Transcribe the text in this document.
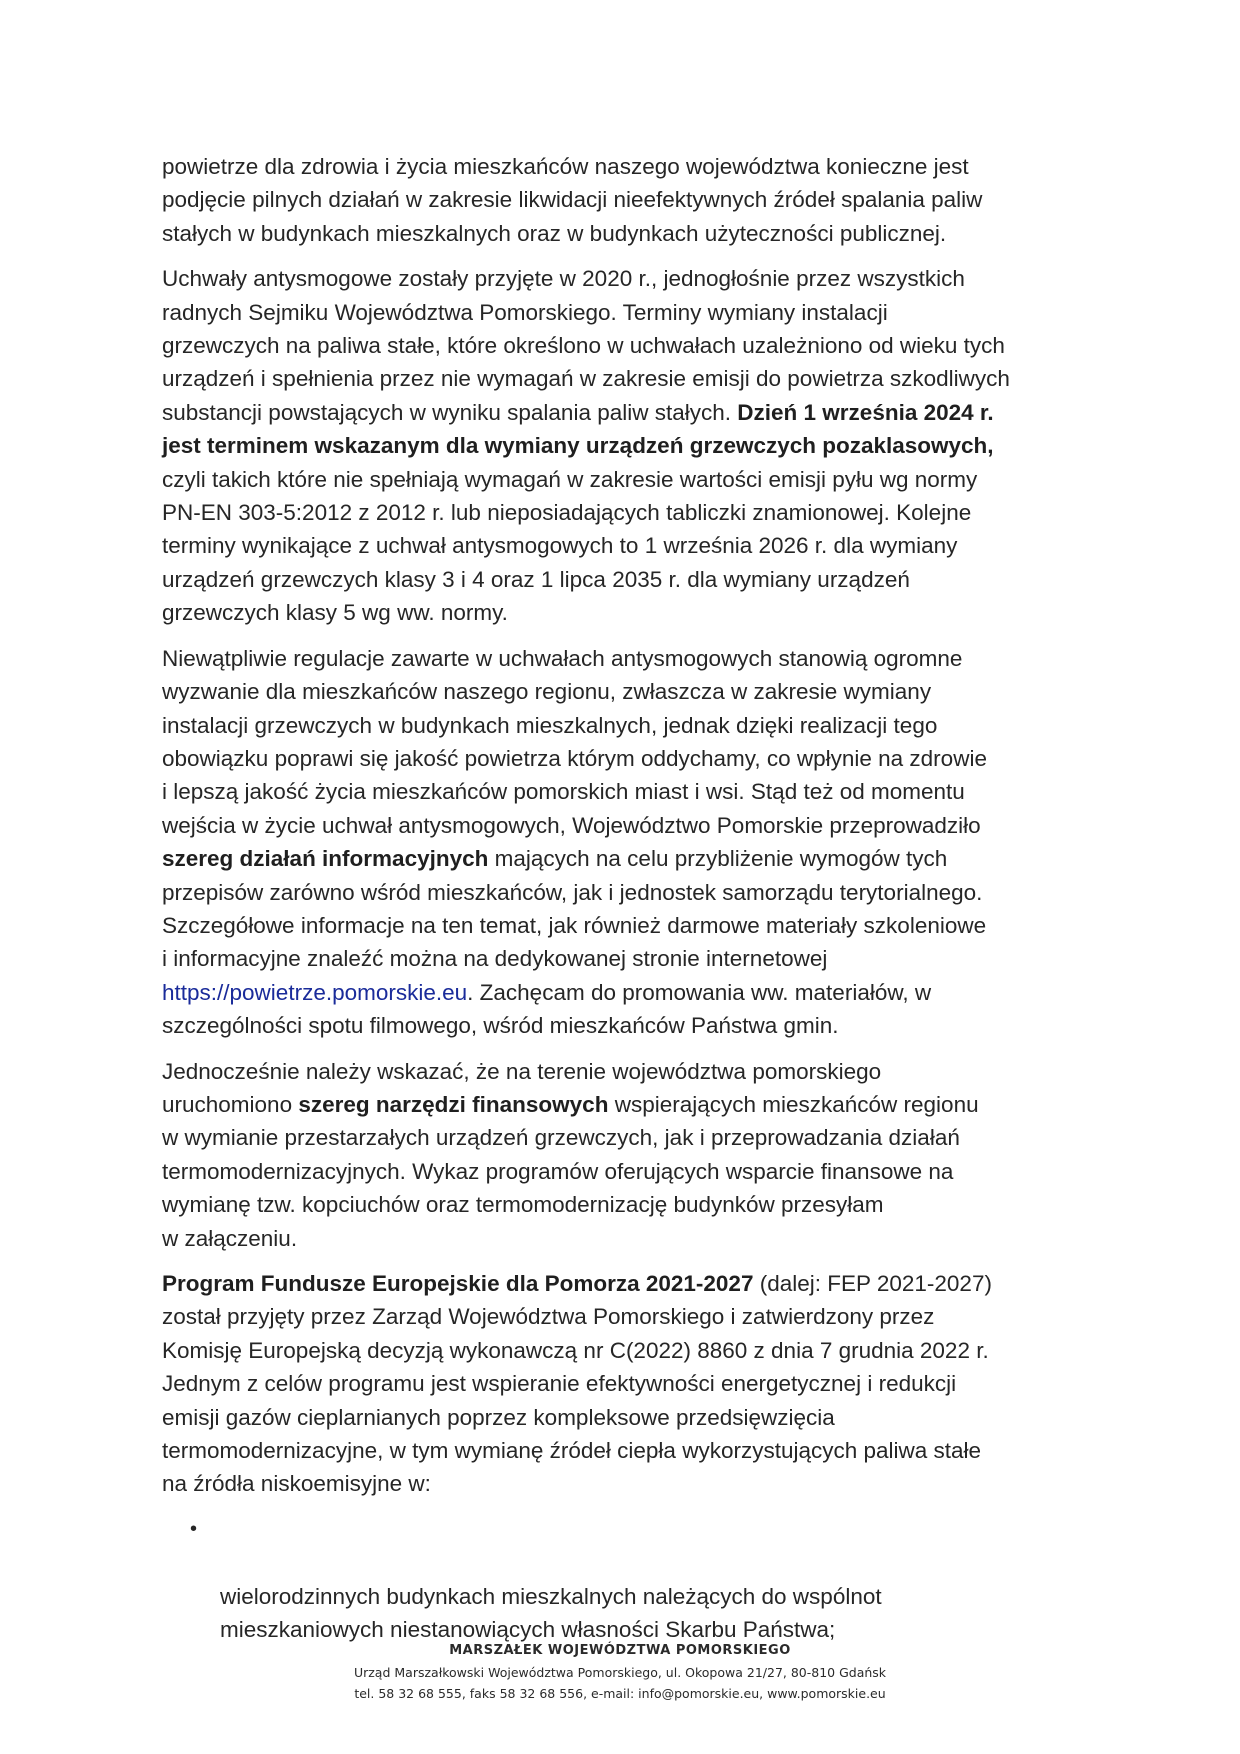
powietrze dla zdrowia i życia mieszkańców naszego województwa konieczne jest
podjęcie pilnych działań w zakresie likwidacji nieefektywnych źródeł spalania paliw
stałych w budynkach mieszkalnych oraz w budynkach użyteczności publicznej.

Uchwały antysmogowe zostały przyjęte w 2020 r., jednogłośnie przez wszystkich
radnych Sejmiku Województwa Pomorskiego. Terminy wymiany instalacji
grzewczych na paliwa stałe, które określono w uchwałach uzależniono od wieku tych
urządzeń i spełnienia przez nie wymagań w zakresie emisji do powietrza szkodliwych
substancji powstających w wyniku spalania paliw stałych. Dzień 1 września 2024 r.
jest terminem wskazanym dla wymiany urządzeń grzewczych pozaklasowych,
czyli takich które nie spełniają wymagań w zakresie wartości emisji pyłu wg normy
PN-EN 303-5:2012 z 2012 r. lub nieposiadających tabliczki znamionowej. Kolejne
terminy wynikające z uchwał antysmogowych to 1 września 2026 r. dla wymiany
urządzeń grzewczych klasy 3 i 4 oraz 1 lipca 2035 r. dla wymiany urządzeń
grzewczych klasy 5 wg ww. normy.

Niewątpliwie regulacje zawarte w uchwałach antysmogowych stanowią ogromne
wyzwanie dla mieszkańców naszego regionu, zwłaszcza w zakresie wymiany
instalacji grzewczych w budynkach mieszkalnych, jednak dzięki realizacji tego
obowiązku poprawi się jakość powietrza którym oddychamy, co wpłynie na zdrowie
i lepszą jakość życia mieszkańców pomorskich miast i wsi. Stąd też od momentu
wejścia w życie uchwał antysmogowych, Województwo Pomorskie przeprowadziło
szereg działań informacyjnych mających na celu przybliżenie wymogów tych
przepisów zarówno wśród mieszkańców, jak i jednostek samorządu terytorialnego.
Szczegółowe informacje na ten temat, jak również darmowe materiały szkoleniowe
i informacyjne znaleźć można na dedykowanej stronie internetowej
https://powietrze.pomorskie.eu. Zachęcam do promowania ww. materiałów, w
szczególności spotu filmowego, wśród mieszkańców Państwa gmin.

Jednocześnie należy wskazać, że na terenie województwa pomorskiego
uruchomiono szereg narzędzi finansowych wspierających mieszkańców regionu
w wymianie przestarzałych urządzeń grzewczych, jak i przeprowadzania działań
termomodernizacyjnych. Wykaz programów oferujących wsparcie finansowe na
wymianę tzw. kopciuchów oraz termomodernizację budynków przesyłam
w załączeniu.

Program Fundusze Europejskie dla Pomorza 2021-2027 (dalej: FEP 2021-2027)
został przyjęty przez Zarząd Województwa Pomorskiego i zatwierdzony przez
Komisję Europejską decyzją wykonawczą nr C(2022) 8860 z dnia 7 grudnia 2022 r.
Jednym z celów programu jest wspieranie efektywności energetycznej i redukcji
emisji gazów cieplarnianych poprzez kompleksowe przedsięwzięcia
termomodernizacyjne, w tym wymianę źródeł ciepła wykorzystujących paliwa stałe
na źródła niskoemisyjne w:

•

wielorodzinnych budynkach mieszkalnych należących do wspólnot
mieszkaniowych niestanowiących własności Skarbu Państwa;

MARSZAŁEK WOJEWÓDZTWA POMORSKIEGO
Urząd Marszałkowski Województwa Pomorskiego, ul. Okopowa 21/27, 80-810 Gdańsk
tel. 58 32 68 555, faks 58 32 68 556, e-mail: info@pomorskie.eu, www.pomorskie.eu
